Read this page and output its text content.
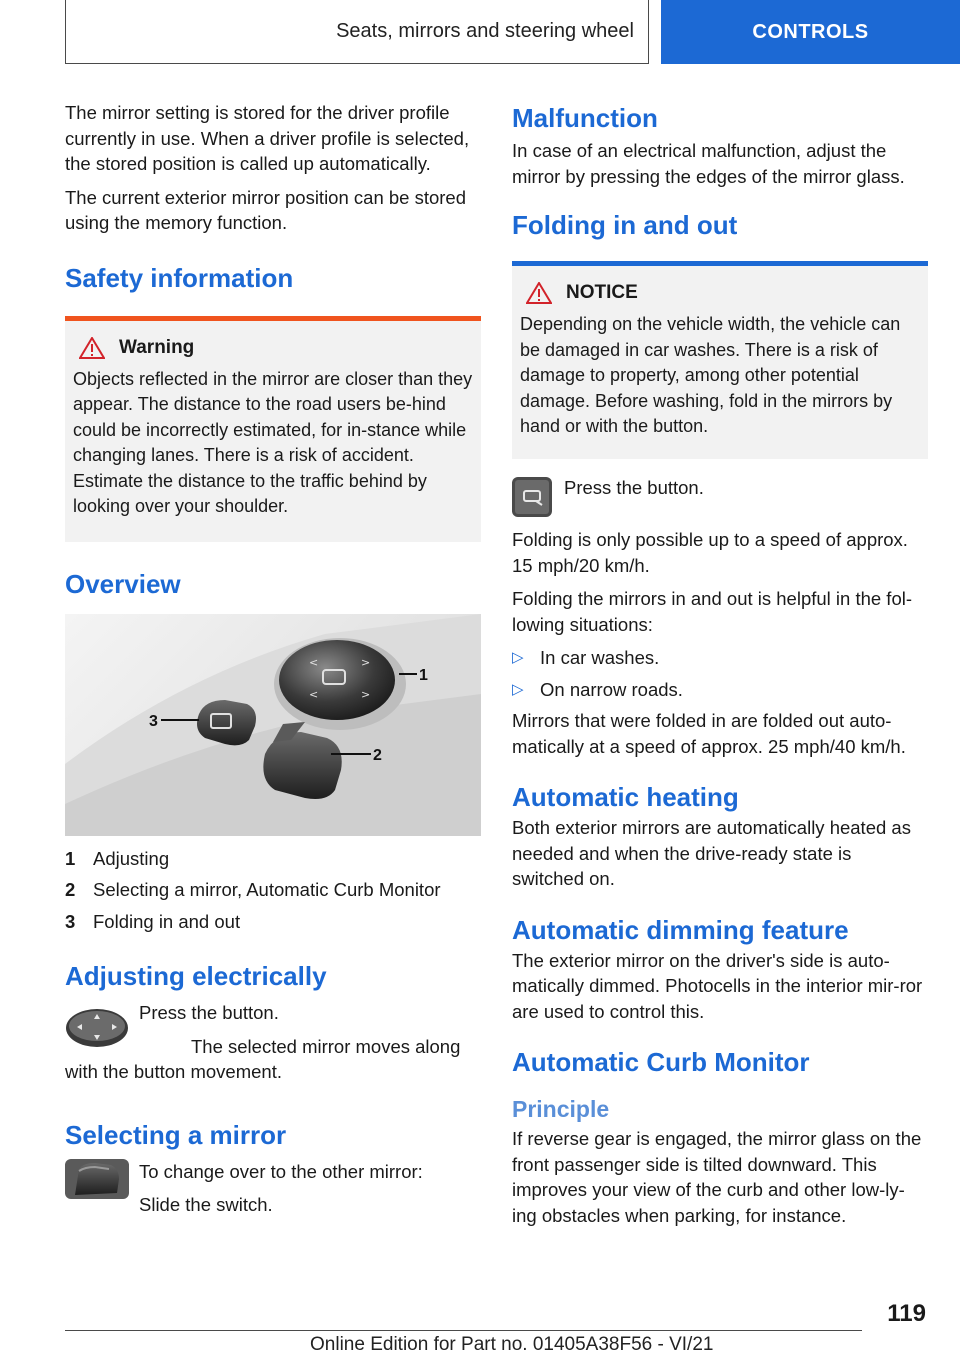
Seats, mirrors and steering wheel	CONTROLS

The mirror setting is stored for the driver profile currently in use. When a driver profile is selected, the stored position is called up automatically.

The current exterior mirror position can be stored using the memory function.

Safety information
Warning

Objects reflected in the mirror are closer than they appear. The distance to the road users be-hind could be incorrectly estimated, for in-stance while changing lanes. There is a risk of accident. Estimate the distance to the traffic behind by looking over your shoulder.

Overview
<	>
<	>
1
3
2
1 Adjusting
2 Selecting a mirror, Automatic Curb Monitor
3 Folding in and out
Adjusting electrically

Press the button.

The selected mirror moves along with the button movement.

Selecting a mirror

To change over to the other mirror:

Slide the switch.

Malfunction

In case of an electrical malfunction, adjust the mirror by pressing the edges of the mirror glass.

Folding in and out
NOTICE

Depending on the vehicle width, the vehicle can be damaged in car washes. There is a risk of damage to property, among other potential damage. Before washing, fold in the mirrors by hand or with the button.

Press the button.

Folding is only possible up to a speed of approx. 15 mph/20 km/h.

Folding the mirrors in and out is helpful in the fol-lowing situations:

▷ In car washes.
▷ On narrow roads.

Mirrors that were folded in are folded out auto-matically at a speed of approx. 25 mph/40 km/h.

Automatic heating

Both exterior mirrors are automatically heated as needed and when the drive-ready state is switched on.

Automatic dimming feature

The exterior mirror on the driver's side is auto-matically dimmed. Photocells in the interior mir-ror are used to control this.

Automatic Curb Monitor
Principle

If reverse gear is engaged, the mirror glass on the front passenger side is tilted downward. This improves your view of the curb and other low-ly-ing obstacles when parking, for instance.

119
Online Edition for Part no. 01405A38F56 - VI/21
